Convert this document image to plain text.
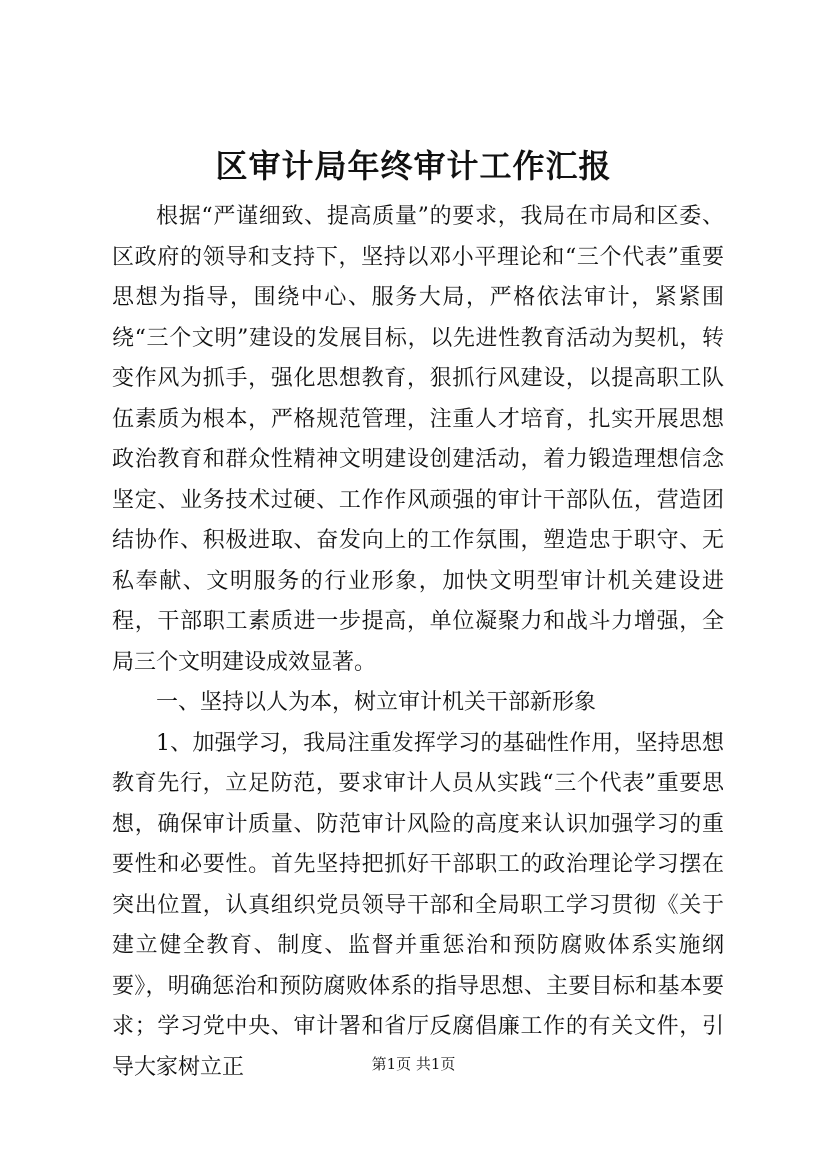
区审计局年终审计工作汇报

根据“严谨细致、提高质量”的要求，我局在市局和区委、区政府的领导和支持下，坚持以邓小平理论和“三个代表”重要思想为指导，围绕中心、服务大局，严格依法审计，紧紧围绕“三个文明”建设的发展目标，以先进性教育活动为契机，转变作风为抓手，强化思想教育，狠抓行风建设，以提高职工队伍素质为根本，严格规范管理，注重人才培育，扎实开展思想政治教育和群众性精神文明建设创建活动，着力锻造理想信念坚定、业务技术过硬、工作作风顽强的审计干部队伍，营造团结协作、积极进取、奋发向上的工作氛围，塑造忠于职守、无私奉献、文明服务的行业形象，加快文明型审计机关建设进程，干部职工素质进一步提高，单位凝聚力和战斗力增强，全局三个文明建设成效显著。

一、坚持以人为本，树立审计机关干部新形象

1、加强学习，我局注重发挥学习的基础性作用，坚持思想教育先行，立足防范，要求审计人员从实践“三个代表”重要思想，确保审计质量、防范审计风险的高度来认识加强学习的重要性和必要性。首先坚持把抓好干部职工的政治理论学习摆在突出位置，认真组织党员领导干部和全局职工学习贯彻《关于建立健全教育、制度、监督并重惩治和预防腐败体系实施纲要》，明确惩治和预防腐败体系的指导思想、主要目标和基本要求；学习党中央、审计署和省厅反腐倡廉工作的有关文件，引导大家树立正	第1页 共1页
